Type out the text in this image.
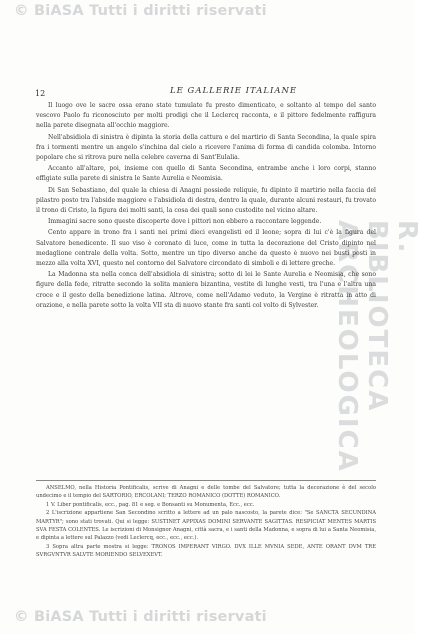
© BiASA Tutti i diritti riservati
R. BIBLIOTECA ARCHEOLOGICA
12	LE GALLERIE ITALIANE

Il luogo ove le sacre ossa erano state tumulate fu presto dimenticato, e soltanto al tempo del santo vescovo Paolo fu riconosciuto per molti prodigi che il Leclercq racconta, e il pittore fedelmente raffigura nella parete disegnata all'occhio maggiore.

Nell'absidiola di sinistra è dipinta la storia della cattura e del martirio di Santa Secondina, la quale spira fra i tormenti mentre un angelo s'inchina dal cielo a ricevere l'anima di forma di candida colomba. Intorno popolare che si ritrova pure nella celebre caverna di Sant'Eulalia.

Accanto all'altare, poi, insieme con quello di Santa Secondina, entrambe anche i loro corpi, stanno effigiate sulla parete di sinistra le Sante Aurelia e Neomisia.

Di San Sebastiano, del quale la chiesa di Anagni possiede reliquie, fu dipinto il martirio nella faccia del pilastro posto tra l'abside maggiore e l'absidiola di destra, dentro la quale, durante alcuni restauri, fu trovato il trono di Cristo, la figura dei molti santi, la cosa dei quali sono custodite nel vicino altare.

Immagini sacre sono queste discoperte dove i pittori non ebbero a raccontare leggende.

Cento appare in trono fra i santi nei primi dieci evangelisti ed il leone; sopra di lui c'è la figura del Salvatore benedicente. Il suo viso è coronato di luce, come in tutta la decorazione del Cristo dipinto nel medaglione centrale della volta. Sotto, mentre un tipo diverso anche da questo è nuovo nei busti posti in mezzo alla volta XVI, questo nel contorno del Salvatore circondato di simboli e di lettere greche.

La Madonna sta nella conca dell'absidiola di sinistra; sotto di lei le Sante Aurelia e Neomisia, che sono figure della fede, ritratte secondo la solita maniera bizantina, vestite di lunghe vesti, tra l'una e l'altra una croce e il gesto della benedizione latina. Altrove, come nell'Adamo veduto, la Vergine è ritratta in atto di orazione, e nella parete sotto la volta VII sta di nuovo stante fra santi col volto di Sylvester.

ANSELMO, nella Historia Pontificalis, scrive di Anagni e delle tombe del Salvatore; tutta la decorazione è del secolo undecimo e il tempio del SARTORIO, ERCOLANI; TERZO ROMANICO (DOTTE) ROMANICO.

1 V. Liber pontificalis, ecc., pag. 81 e seg. e Bonsanti su Monumenta, Ecc., ecc.

2 L'iscrizione appartiene San Secondino scritto a lettere ad un palo nascosto, la parete dice: "Se SANCTA SECUNDINA MARTYR"; sono stati trovati. Qui si legge: SUSTINET APPIXAS DOMINI SERVANTE SAGITTAS. RESPICIAT MENTES MARTIS SVA FESTA COLENTES. Le iscrizioni di Monsignor Anagni, città sacra, e i santi della Madonna, e sopra di lui a Santa Neomisia, e dipinta a lettere sul Palazzo (vedi Leclercq, ecc., ecc., ecc.).

3 Sopra altra parte mostra si legge: TRONOS IMPERANT VIRGO. DVX ILLE MVNIA SEDE, ANTE ORANT DVM TRE SVRGVNTVR SALVTE MORIENDO SELVEXEVT.

© BiASA Tutti i diritti riservati
